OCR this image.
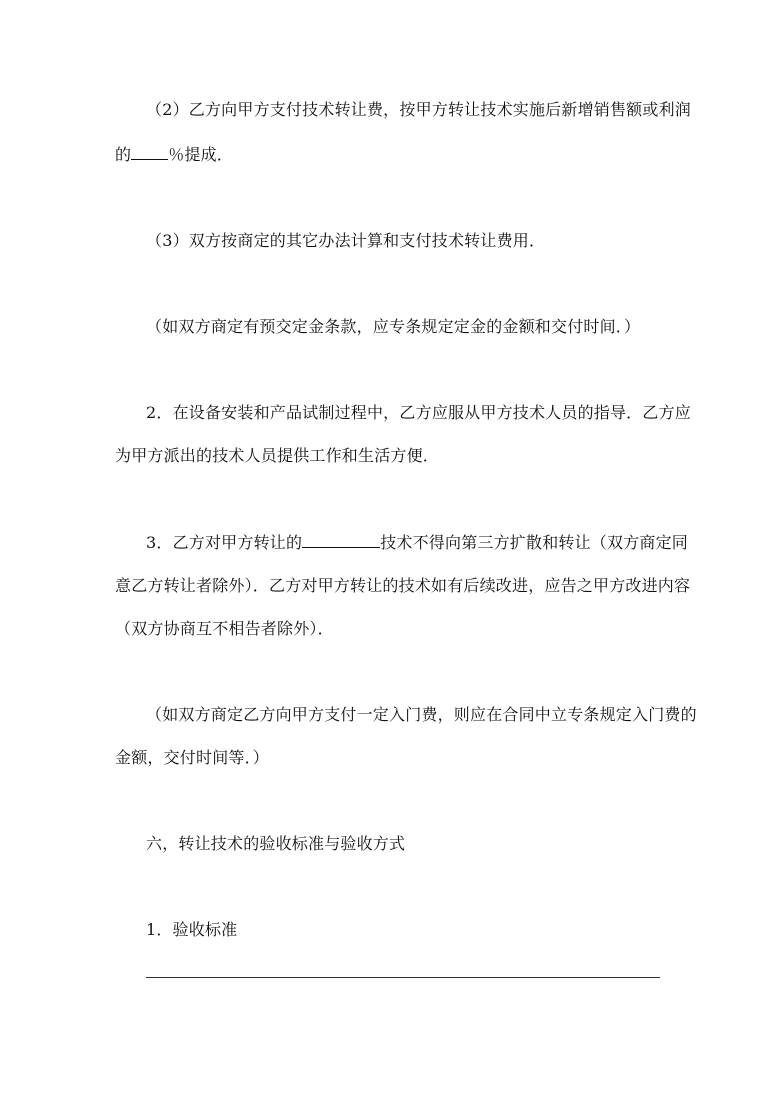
（2）乙方向甲方支付技术转让费，按甲方转让技术实施后新增销售额或利润
的 ％提成．
（3）双方按商定的其它办法计算和支付技术转让费用．
（如双方商定有预交定金条款，应专条规定定金的金额和交付时间．）
2．在设备安装和产品试制过程中，乙方应服从甲方技术人员的指导．乙方应
为甲方派出的技术人员提供工作和生活方便．
3．乙方对甲方转让的	技术不得向第三方扩散和转让（双方商定同
意乙方转让者除外）．乙方对甲方转让的技术如有后续改进，应告之甲方改进内容
（双方协商互不相告者除外）．
（如双方商定乙方向甲方支付一定入门费，则应在合同中立专条规定入门费的
金额，交付时间等．）
六，转让技术的验收标准与验收方式
1．验收标准
